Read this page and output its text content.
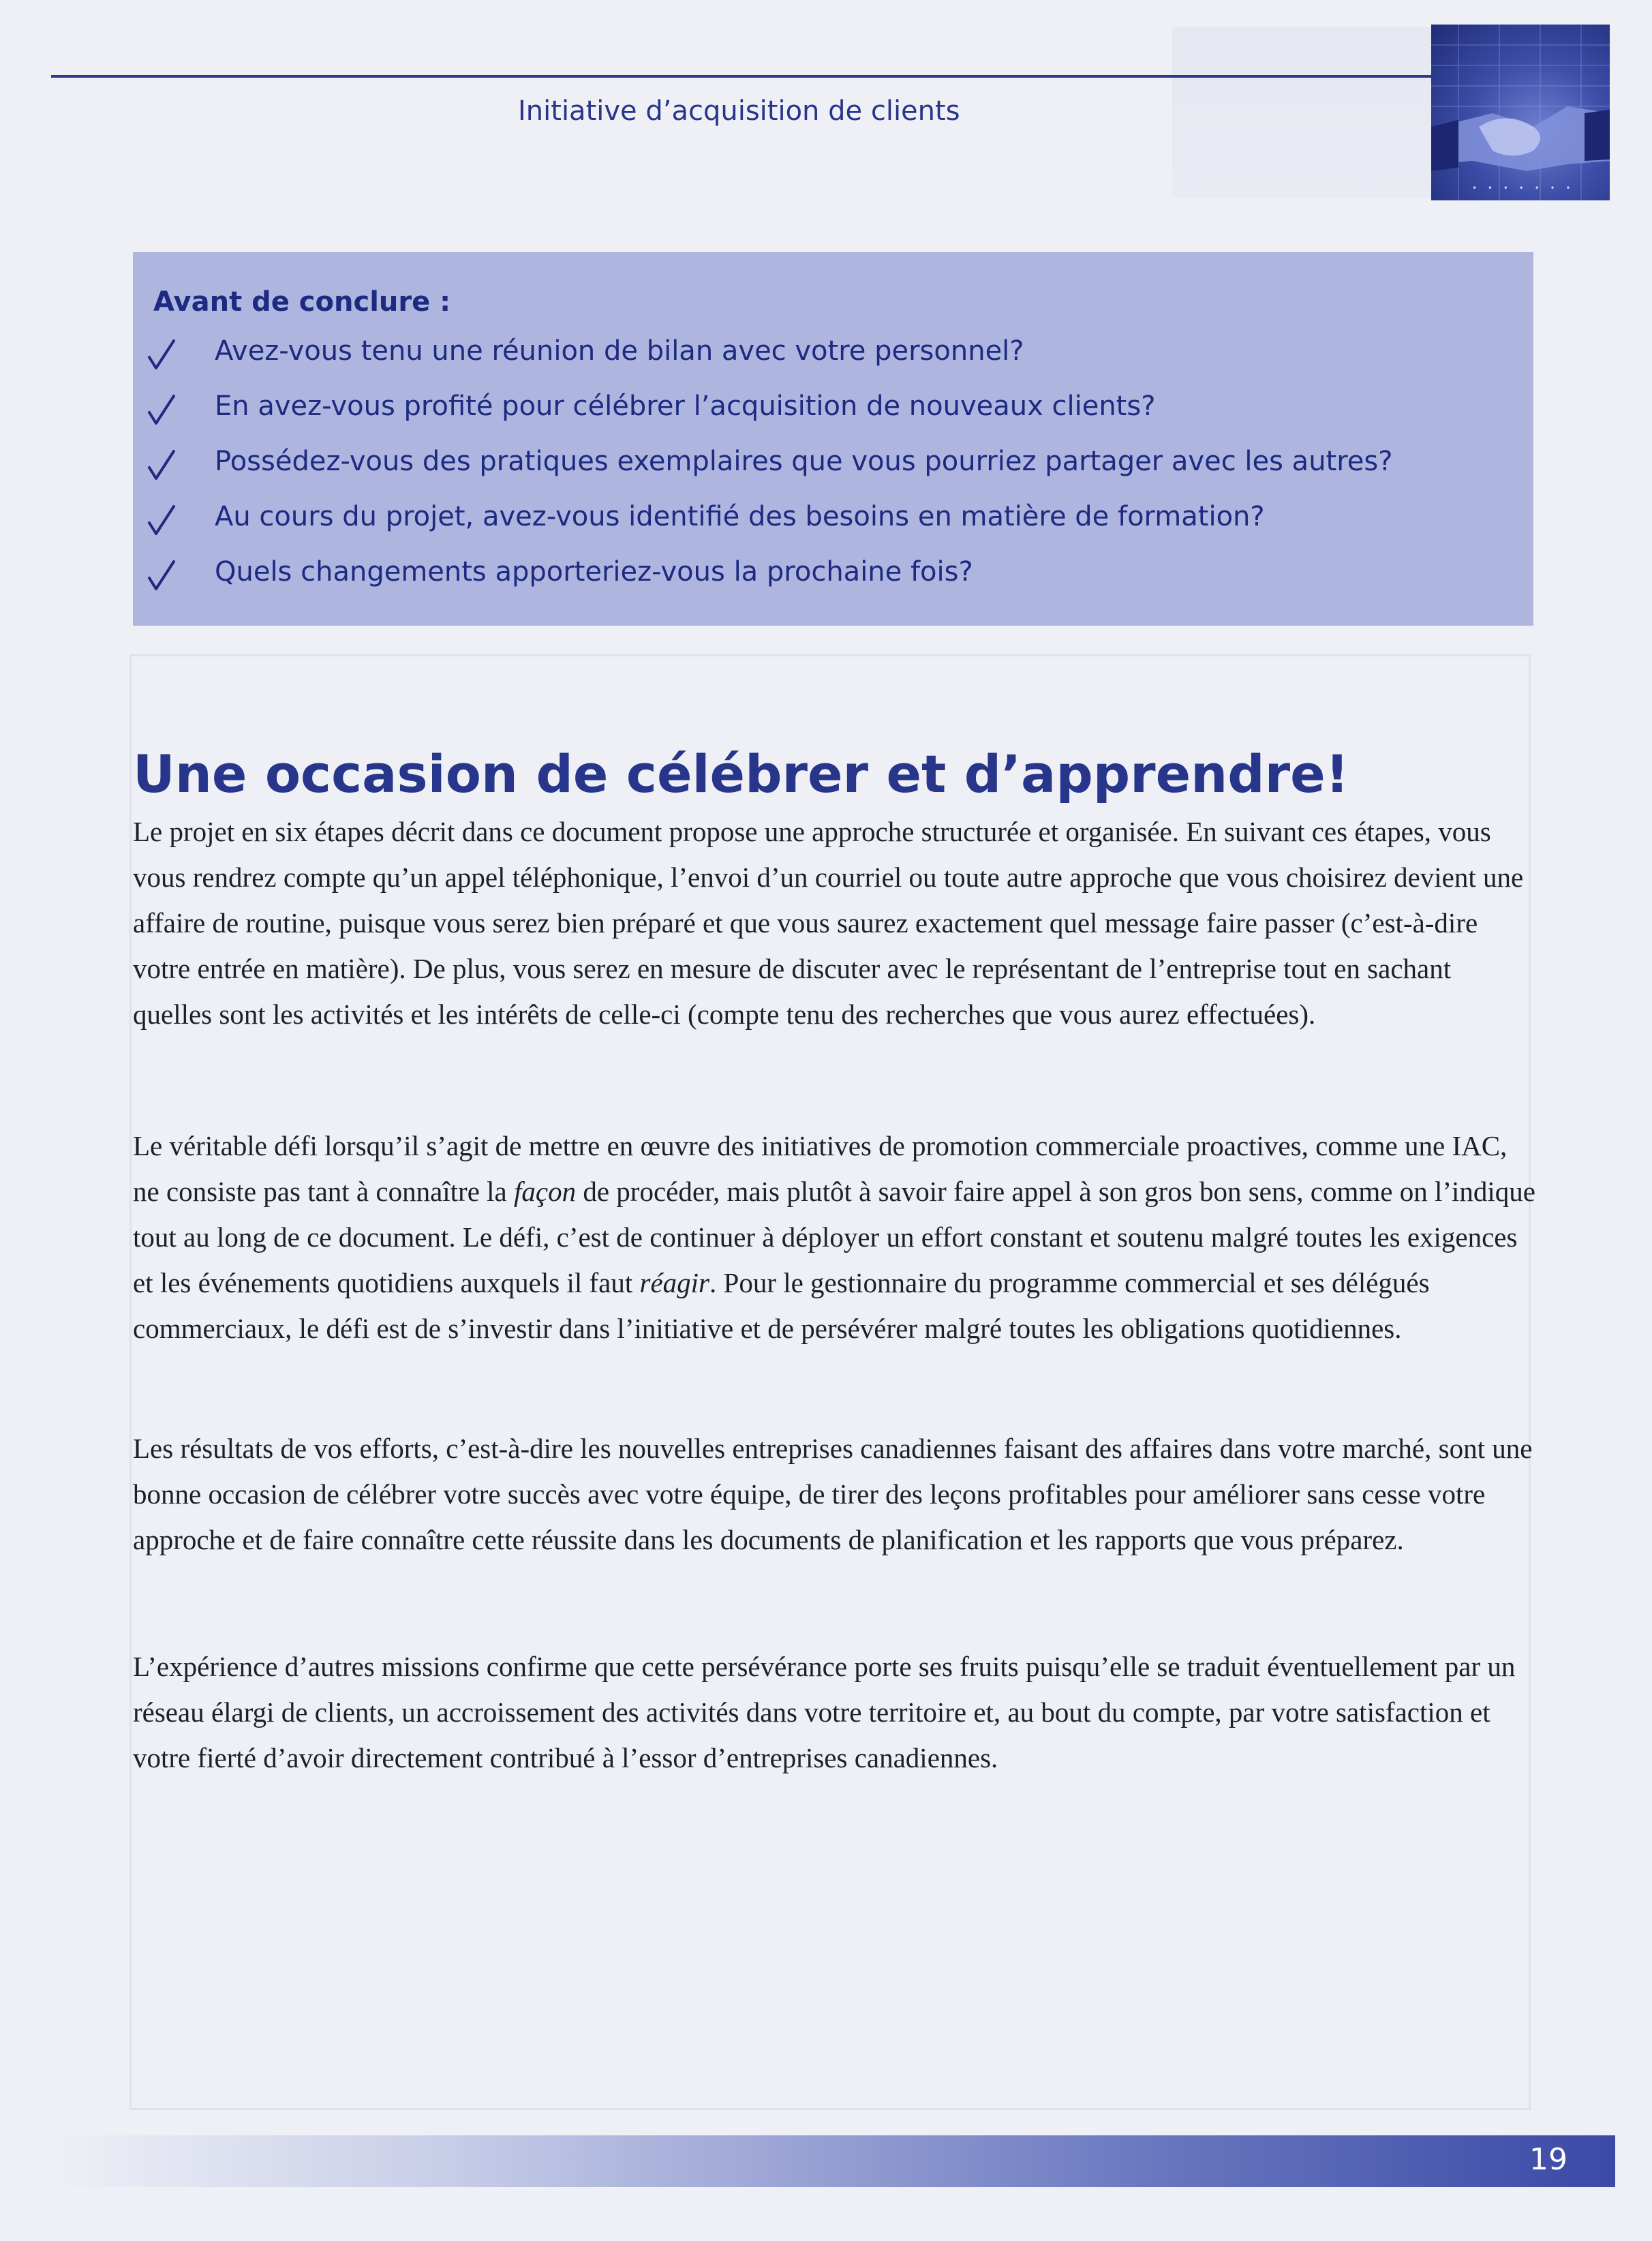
Initiative d’acquisition de clients
• • • • • • •
Avant de conclure :
Avez-vous tenu une réunion de bilan avec votre personnel?
En avez-vous profité pour célébrer l’acquisition de nouveaux clients?
Possédez-vous des pratiques exemplaires que vous pourriez partager avec les autres?
Au cours du projet, avez-vous identifié des besoins en matière de formation?
Quels changements apporteriez-vous la prochaine fois?
Une occasion de célébrer et d’apprendre!

Le projet en six étapes décrit dans ce document propose une approche structurée et organisée. En suivant ces étapes, vous vous rendrez compte qu’un appel téléphonique, l’envoi d’un courriel ou toute autre approche que vous choisirez devient une affaire de routine, puisque vous serez bien préparé et que vous saurez exactement quel message faire passer (c’est-à-dire votre entrée en matière). De plus, vous serez en mesure de discuter avec le représentant de l’entreprise tout en sachant quelles sont les activités et les intérêts de celle-ci (compte tenu des recherches que vous aurez effectuées).

Le véritable défi lorsqu’il s’agit de mettre en œuvre des initiatives de promotion commerciale proactives, comme une IAC, ne consiste pas tant à connaître la façon de procéder, mais plutôt à savoir faire appel à son gros bon sens, comme on l’indique tout au long de ce document. Le défi, c’est de continuer à déployer un effort constant et soutenu malgré toutes les exigences et les événements quotidiens auxquels il faut réagir. Pour le gestionnaire du programme commercial et ses délégués commerciaux, le défi est de s’investir dans l’initiative et de persévérer malgré toutes les obligations quotidiennes.

Les résultats de vos efforts, c’est-à-dire les nouvelles entreprises canadiennes faisant des affaires dans votre marché, sont une bonne occasion de célébrer votre succès avec votre équipe, de tirer des leçons profitables pour améliorer sans cesse votre approche et de faire connaître cette réussite dans les documents de planification et les rapports que vous préparez.

L’expérience d’autres missions confirme que cette persévérance porte ses fruits puisqu’elle se traduit éventuellement par un réseau élargi de clients, un accroissement des activités dans votre territoire et, au bout du compte, par votre satisfaction et votre fierté d’avoir directement contribué à l’essor d’entreprises canadiennes.

19
